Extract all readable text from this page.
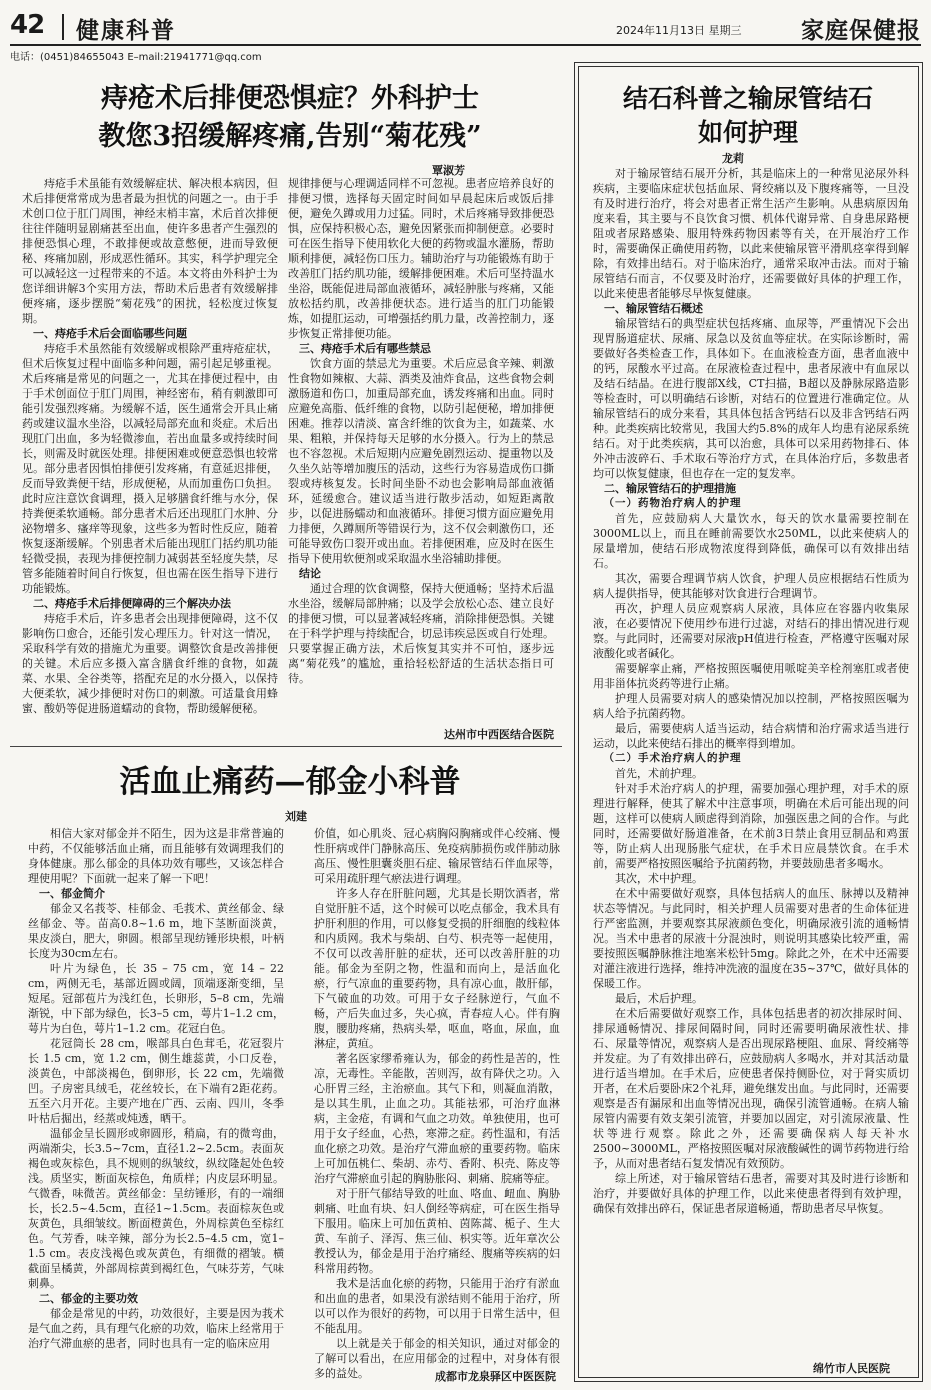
42 健康科普	2024年11月13日 星期三	家庭保健报
电话：(0451)84655043 E–mail:21941771@qq.com
痔疮术后排便恐惧症？外科护士
教您3招缓解疼痛,告别“菊花残”
覃淑芳

痔疮手术虽能有效缓解症状、解决根本病因，但术后排便常常成为患者最为担忧的问题之一。由于手术创口位于肛门周围，神经末梢丰富，术后首次排便往往伴随明显剧痛甚至出血，使许多患者产生强烈的排便恐惧心理，不敢排便或故意憋便，进而导致便秘、疼痛加剧，形成恶性循环。其实，科学护理完全可以减轻这一过程带来的不适。本文将由外科护士为您详细讲解3个实用方法，帮助术后患者有效缓解排便疼痛，逐步摆脱“菊花残”的困扰，轻松度过恢复期。

一、痔疮手术后会面临哪些问题

痔疮手术虽然能有效缓解或根除严重痔疮症状，但术后恢复过程中面临多种问题，需引起足够重视。术后疼痛是常见的问题之一，尤其在排便过程中，由于手术创面位于肛门周围，神经密布，稍有刺激即可能引发强烈疼痛。为缓解不适，医生通常会开具止痛药或建议温水坐浴，以减轻局部充血和炎症。术后出现肛门出血，多为轻微渗血，若出血量多或持续时间长，则需及时就医处理。排便困难或便意恐惧也较常见。部分患者因惧怕排便引发疼痛，有意延迟排便，反而导致粪便干结，形成便秘，从而加重伤口负担。此时应注意饮食调理，摄入足够膳食纤维与水分，保持粪便柔软通畅。部分患者术后还出现肛门水肿、分泌物增多、瘙痒等现象，这些多为暂时性反应，随着恢复逐渐缓解。个别患者术后能出现肛门括约肌功能轻微受损，表现为排便控制力减弱甚至轻度失禁，尽管多能随着时间自行恢复，但也需在医生指导下进行功能锻炼。

二、痔疮手术后排便障碍的三个解决办法

痔疮手术后，许多患者会出现排便障碍，这不仅影响伤口愈合，还能引发心理压力。针对这一情况，采取科学有效的措施尤为重要。调整饮食是改善排便的关键。术后应多摄入富含膳食纤维的食物，如蔬菜、水果、全谷类等，搭配充足的水分摄入，以保持大便柔软，减少排便时对伤口的刺激。可适量食用蜂蜜、酸奶等促进肠道蠕动的食物，帮助缓解便秘。

规律排便与心理调适同样不可忽视。患者应培养良好的排便习惯，选择每天固定时间如早晨起床后或饭后排便，避免久蹲或用力过猛。同时，术后疼痛导致排便恐惧，应保持积极心态，避免因紧张而抑制便意。必要时可在医生指导下使用软化大便的药物或温水灌肠，帮助顺利排便，减轻伤口压力。辅助治疗与功能锻炼有助于改善肛门括约肌功能，缓解排便困难。术后可坚持温水坐浴，既能促进局部血液循环，减轻肿胀与疼痛，又能放松括约肌，改善排便状态。进行适当的肛门功能锻炼，如提肛运动，可增强括约肌力量，改善控制力，逐步恢复正常排便功能。

三、痔疮手术后有哪些禁忌

饮食方面的禁忌尤为重要。术后应忌食辛辣、刺激性食物如辣椒、大蒜、酒类及油炸食品，这些食物会刺激肠道和伤口，加重局部充血，诱发疼痛和出血。同时应避免高脂、低纤维的食物，以防引起便秘，增加排便困难。推荐以清淡、富含纤维的饮食为主，如蔬菜、水果、粗粮，并保持每天足够的水分摄入。行为上的禁忌也不容忽视。术后短期内应避免剧烈运动、提重物以及久坐久站等增加腹压的活动，这些行为容易造成伤口撕裂或痔核复发。长时间坐卧不动也会影响局部血液循环，延缓愈合。建议适当进行散步活动，如短距离散步，以促进肠蠕动和血液循环。排便习惯方面应避免用力排便，久蹲厕所等错误行为，这不仅会刺激伤口，还可能导致伤口裂开或出血。若排便困难，应及时在医生指导下使用软便剂或采取温水坐浴辅助排便。

结论

通过合理的饮食调整，保持大便通畅；坚持术后温水坐浴，缓解局部肿痛；以及学会放松心态、建立良好的排便习惯，可以显著减轻疼痛，消除排便恐惧。关键在于科学护理与持续配合，切忌讳疾忌医或自行处理。只要掌握正确方法，术后恢复其实并不可怕，逐步远离“菊花残”的尴尬，重拾轻松舒适的生活状态指日可待。

达州市中西医结合医院
活血止痛药—郁金小科普
刘建

相信大家对郁金并不陌生，因为这是非常普遍的中药，不仅能够活血止痛，而且能够有效调理我们的身体健康。那么郁金的具体功效有哪些，又该怎样合理使用呢？下面就一起来了解一下吧！

一、郁金简介

郁金又名莪苓、桂郁金、毛莪术、黄丝郁金、绿丝郁金、等。苗高0.8~1.6 m，地下茎断面淡黄，果皮淡白，肥大，卵圆。根部呈现纺锤形块根，叶柄长度为30cm左右。

叶片为绿色，长 35 – 75 cm，宽 14 – 22 cm，两侧无毛，基部近圆或阔，顶端逐渐变细，呈短尾。冠部苞片为浅红色，长卵形，5–8 cm，先端渐锐，中下部为绿色，长3–5 cm，萼片1–1.2 cm，萼片为白色，萼片1–1.2 cm。花冠白色。

花冠筒长 28 cm，喉部具白色茸毛，花冠裂片长 1.5 cm，宽 1.2 cm，侧生雄蕊黄，小口反卷，淡黄色，中部淡褐色，倒卵形，长 22 cm，先端微凹。子房密具绒毛，花丝较长，在下端有2距花药。五至六月开花。主要产地在广西、云南、四川，冬季叶枯后掘出，经蒸或炖透，晒干。

温郁金呈长圆形或卵圆形，稍扁，有的微弯曲，两端渐尖，长3.5~7cm，直径1.2~2.5cm。表面灰褐色或灰棕色，具不规则的纵皱纹，纵纹隆起处色较浅。质坚实，断面灰棕色，角质样；内皮层环明显。气微香，味微苦。黄丝郁金：呈纺锤形，有的一端细长，长2.5~4.5cm，直径1~1.5cm。表面棕灰色或灰黄色，具细皱纹。断面橙黄色，外周棕黄色至棕红色。气芳香，味辛辣，部分为长2.5–4.5 cm，宽1–1.5 cm。表皮浅褐色或灰黄色，有细微的褶皱。横截面呈橘黄，外部周棕黄到褐红色，气味芬芳，气味刺鼻。

二、郁金的主要功效

郁金是常见的中药，功效很好，主要是因为莪术是气血之药，具有理气化瘀的功效，临床上经常用于治疗气滞血瘀的患者，同时也具有一定的临床应用

价值，如心肌炎、冠心病胸闷胸痛或伴心绞痛、慢性肝病或伴门静脉高压、免疫病肺损伤或伴肺动脉高压、慢性胆囊炎胆石症、输尿管结石伴血尿等，可采用疏肝理气瘀法进行调理。

许多人存在肝脏问题，尤其是长期饮酒者，常自觉肝脏不适，这个时候可以吃点郁金，我术具有护肝利胆的作用，可以修复受损的肝细胞的线粒体和内质网。我术与柴胡、白芍、枳壳等一起使用，不仅可以改善肝脏的症状，还可以改善肝脏的功能。郁金为至阴之物，性温和而向上，是活血化瘀，行气凉血的重要药物，具有凉心血，散肝郁，下气破血的功效。可用于女子经脉逆行，气血不畅，产后失血过多，失心疯，青春痘人心。伴有胸腹，腰肋疼痛，热病头晕，呕血，咯血，尿血，血淋症，黄疸。

著名医家缪希雍认为，郁金的药性是苦的，性凉，无毒性。辛能散，苦则泻，故有降伏之功。入心肝胃三经，主治瘀血。其气下和，则凝血消散，是以其生肌，止血之功。其能祛邪，可治疗血淋病，主金疮，有调和气血之功效。单独使用，也可用于女子经血，心热，寒滞之症。药性温和，有活血化瘀之功效。是治疗气滞血瘀的重要药物。临床上可加伍桃仁、柴胡、赤芍、香附、枳壳、陈皮等治疗气滞瘀血引起的胸胁胀闷、刺痛、脘痛等症。

对于肝气郁结导致的吐血、咯血、衄血、胸胁刺痛、吐血有块、妇人倒经等病症，可在医生指导下服用。临床上可加伍黄柏、茵陈蒿、栀子、生大黄、车前子、泽泻、焦三仙、枳实等。近年章次公教授认为，郁金是用于治疗痛经、腹痛等疾病的妇科常用药物。

我术是活血化瘀的药物，只能用于治疗有淤血和出血的患者，如果没有淤结则不能用于治疗，所以可以作为很好的药物，可以用于日常生活中，但不能乱用。

以上就是关于郁金的相关知识，通过对郁金的了解可以看出，在应用郁金的过程中，对身体有很多的益处。	成都市龙泉驿区中医医院
结石科普之输尿管结石
如何护理
龙莉

对于输尿管结石展开分析，其是临床上的一种常见泌尿外科疾病，主要临床症状包括血尿、肾绞痛以及下腹疼痛等，一旦没有及时进行治疗，将会对患者正常生活产生影响。从患病原因角度来看，其主要与不良饮食习惯、机体代谢异常、自身患尿路梗阻或者尿路感染、服用特殊药物因素等有关，在开展治疗工作时，需要确保正确使用药物，以此来使输尿管平滑肌痉挛得到解除，有效排出结石。对于临床治疗，通常采取冲击法。而对于输尿管结石而言，不仅要及时治疗，还需要做好具体的护理工作，以此来使患者能够尽早恢复健康。

一、输尿管结石概述

输尿管结石的典型症状包括疼痛、血尿等，严重情况下会出现胃肠道症状、尿痛、尿急以及贫血等症状。在实际诊断时，需要做好各类检查工作，具体如下。在血液检查方面，患者血液中的钙，尿酸水平过高。在尿液检查过程中，患者尿液中有血尿以及结石结晶。在进行腹部X线，CT扫描，B超以及静脉尿路造影等检查时，可以明确结石诊断，对结石的位置进行准确定位。从输尿管结石的成分来看，其具体包括含钙结石以及非含钙结石两种。此类疾病比较常见，我国大约5.8%的成年人均患有泌尿系统结石。对于此类疾病，其可以治愈，具体可以采用药物排石、体外冲击波碎石、手术取石等治疗方式，在具体治疗后，多数患者均可以恢复健康，但也存在一定的复发率。

二、输尿管结石的护理措施
（一）药物治疗病人的护理

首先，应鼓励病人大量饮水，每天的饮水量需要控制在3000ML以上，而且在睡前需要饮水250ML，以此来使病人的尿量增加，使结石形成物浓度得到降低，确保可以有效排出结石。

其次，需要合理调节病人饮食，护理人员应根据结石性质为病人提供指导，使其能够对饮食进行合理调节。

再次，护理人员应观察病人尿液，具体应在容器内收集尿液，在必要情况下使用纱布进行过滤，对结石的排出情况进行观察。与此同时，还需要对尿液pH值进行检查，严格遵守医嘱对尿液酸化或者碱化。

需要解挛止痛，严格按照医嘱使用哌啶美辛栓剂塞肛或者使用非甾体抗炎药等进行止痛。

护理人员需要对病人的感染情况加以控制，严格按照医嘱为病人给予抗菌药物。

最后，需要使病人适当运动，结合病情和治疗需求适当进行运动，以此来使结石排出的概率得到增加。

（二）手术治疗病人的护理

首先，术前护理。

针对手术治疗病人的护理，需要加强心理护理，对手术的原理进行解释，使其了解术中注意事项，明确在术后可能出现的问题，这样可以使病人顾虑得到消除，加强医患之间的合作。与此同时，还需要做好肠道准备，在术前3日禁止食用豆制品和鸡蛋等，防止病人出现肠胀气症状，在手术日应晨禁饮食。在手术前，需要严格按照医嘱给予抗菌药物，并要鼓励患者多喝水。

其次，术中护理。

在术中需要做好观察，具体包括病人的血压、脉搏以及精神状态等情况。与此同时，相关护理人员需要对患者的生命体征进行严密监测，并要观察其尿液颜色变化，明确尿液引流的通畅情况。当术中患者的尿液十分混浊时，则说明其感染比较严重，需要按照医嘱静脉推注地塞米松针5mg。除此之外，在术中还需要对灌注液进行选择，维持冲洗液的温度在35~37℃，做好具体的保暖工作。

最后，术后护理。

在术后需要做好观察工作，具体包括患者的初次排尿时间、排尿通畅情况、排尿间隔时间，同时还需要明确尿液性状、排石、尿量等情况，观察病人是否出现尿路梗阻、血尿、肾绞痛等并发症。为了有效排出碎石，应鼓励病人多喝水，并对其活动量进行适当增加。在手术后，应使患者保持侧卧位，对于肾实质切开者，在术后要卧床2个礼拜，避免继发出血。与此同时，还需要观察是否有漏尿和出血等情况出现，确保引流管通畅。在病人输尿管内需要有效支架引流管，并要加以固定，对引流尿液量、性状等进行观察。除此之外，还需要确保病人每天补水2500~3000ML，严格按照医嘱对尿液酸碱性的调节药物进行给予，从而对患者结石复发情况有效预防。

综上所述，对于输尿管结石患者，需要对其及时进行诊断和治疗，并要做好具体的护理工作，以此来使患者得到有效护理，确保有效排出碎石，保证患者尿道畅通，帮助患者尽早恢复。

绵竹市人民医院
